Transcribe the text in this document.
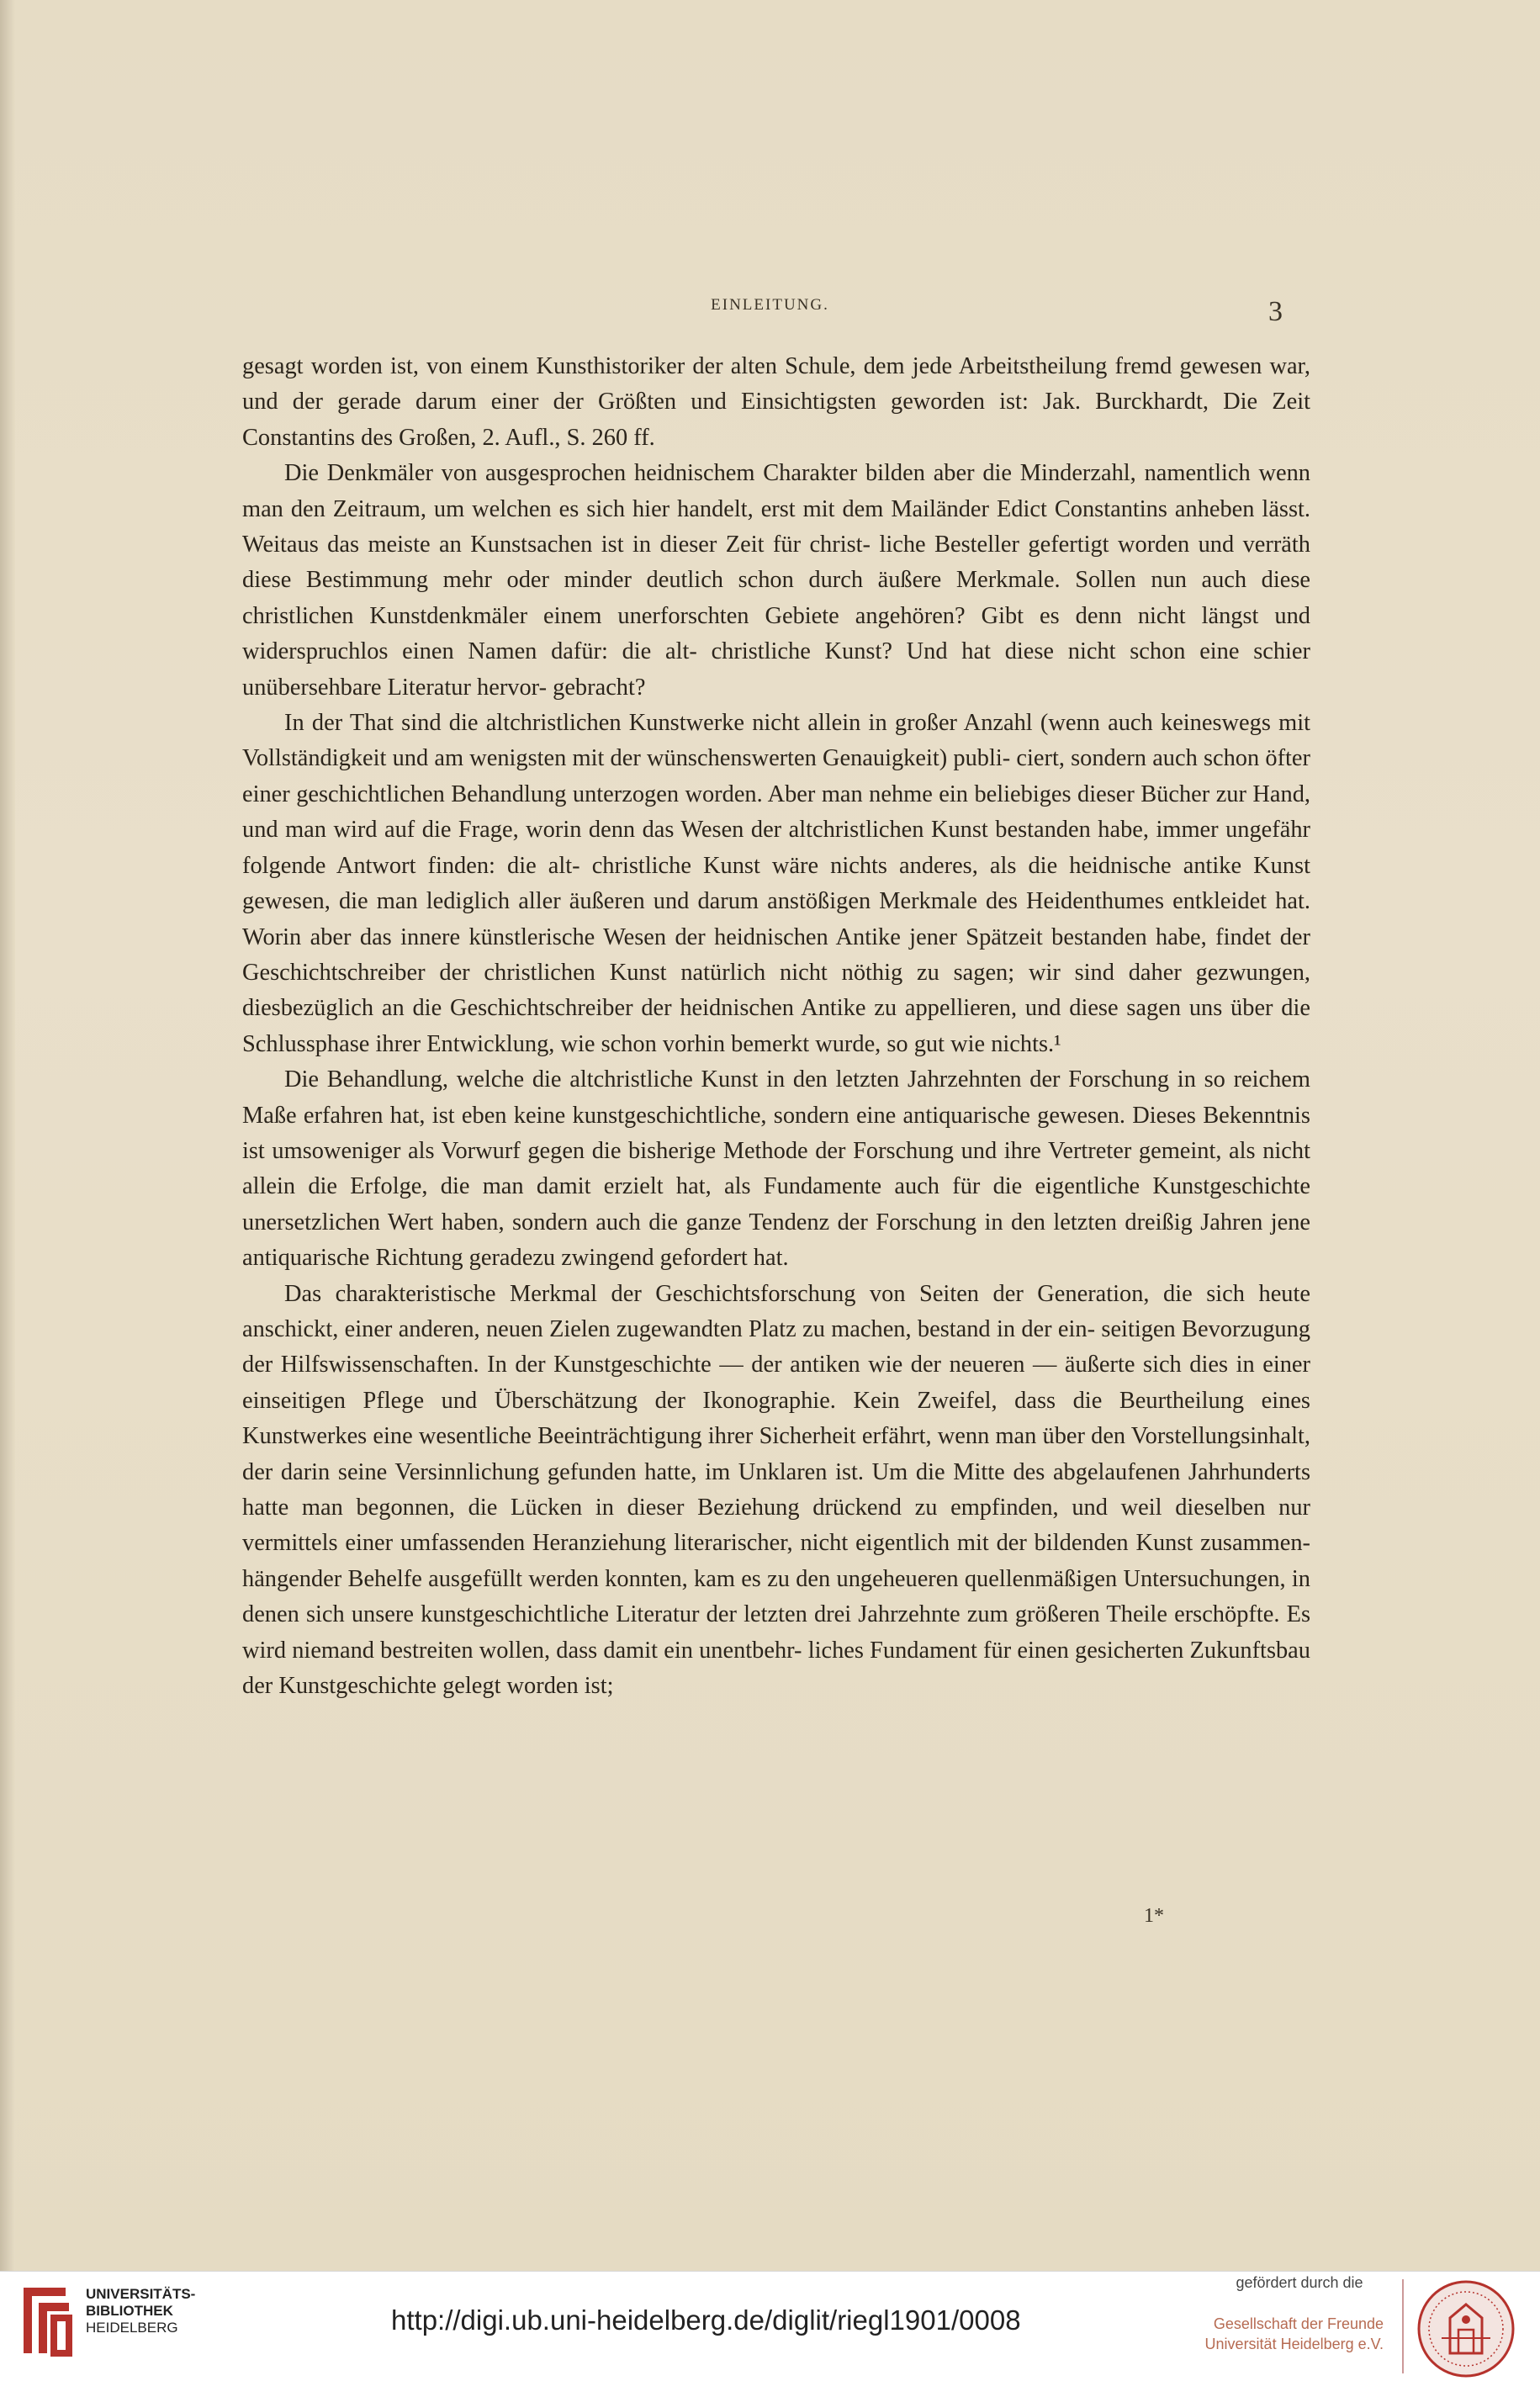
EINLEITUNG.	3

gesagt worden ist, von einem Kunsthistoriker der alten Schule, dem jede Arbeitstheilung fremd gewesen war, und der gerade darum einer der Größten und Einsichtigsten geworden ist: Jak. Burckhardt, Die Zeit Constantins des Großen, 2. Aufl., S. 260 ff.

Die Denkmäler von ausgesprochen heidnischem Charakter bilden aber die Minderzahl, namentlich wenn man den Zeitraum, um welchen es sich hier handelt, erst mit dem Mailänder Edict Constantins anheben lässt. Weitaus das meiste an Kunstsachen ist in dieser Zeit für christ- liche Besteller gefertigt worden und verräth diese Bestimmung mehr oder minder deutlich schon durch äußere Merkmale. Sollen nun auch diese christlichen Kunstdenkmäler einem unerforschten Gebiete angehören? Gibt es denn nicht längst und widerspruchlos einen Namen dafür: die alt- christliche Kunst? Und hat diese nicht schon eine schier unübersehbare Literatur hervor- gebracht?

In der That sind die altchristlichen Kunstwerke nicht allein in großer Anzahl (wenn auch keineswegs mit Vollständigkeit und am wenigsten mit der wünschenswerten Genauigkeit) publi- ciert, sondern auch schon öfter einer geschichtlichen Behandlung unterzogen worden. Aber man nehme ein beliebiges dieser Bücher zur Hand, und man wird auf die Frage, worin denn das Wesen der altchristlichen Kunst bestanden habe, immer ungefähr folgende Antwort finden: die alt- christliche Kunst wäre nichts anderes, als die heidnische antike Kunst gewesen, die man lediglich aller äußeren und darum anstößigen Merkmale des Heidenthumes entkleidet hat. Worin aber das innere künstlerische Wesen der heidnischen Antike jener Spätzeit bestanden habe, findet der Geschichtschreiber der christlichen Kunst natürlich nicht nöthig zu sagen; wir sind daher gezwungen, diesbezüglich an die Geschichtschreiber der heidnischen Antike zu appellieren, und diese sagen uns über die Schlussphase ihrer Entwicklung, wie schon vorhin bemerkt wurde, so gut wie nichts.¹

Die Behandlung, welche die altchristliche Kunst in den letzten Jahrzehnten der Forschung in so reichem Maße erfahren hat, ist eben keine kunstgeschichtliche, sondern eine antiquarische gewesen. Dieses Bekenntnis ist umsoweniger als Vorwurf gegen die bisherige Methode der Forschung und ihre Vertreter gemeint, als nicht allein die Erfolge, die man damit erzielt hat, als Fundamente auch für die eigentliche Kunstgeschichte unersetzlichen Wert haben, sondern auch die ganze Tendenz der Forschung in den letzten dreißig Jahren jene antiquarische Richtung geradezu zwingend gefordert hat.

Das charakteristische Merkmal der Geschichtsforschung von Seiten der Generation, die sich heute anschickt, einer anderen, neuen Zielen zugewandten Platz zu machen, bestand in der ein- seitigen Bevorzugung der Hilfswissenschaften. In der Kunstgeschichte — der antiken wie der neueren — äußerte sich dies in einer einseitigen Pflege und Überschätzung der Ikonographie. Kein Zweifel, dass die Beurtheilung eines Kunstwerkes eine wesentliche Beeinträchtigung ihrer Sicherheit erfährt, wenn man über den Vorstellungsinhalt, der darin seine Versinnlichung gefunden hatte, im Unklaren ist. Um die Mitte des abgelaufenen Jahrhunderts hatte man begonnen, die Lücken in dieser Beziehung drückend zu empfinden, und weil dieselben nur vermittels einer umfassenden Heranziehung literarischer, nicht eigentlich mit der bildenden Kunst zusammen- hängender Behelfe ausgefüllt werden konnten, kam es zu den ungeheueren quellenmäßigen Untersuchungen, in denen sich unsere kunstgeschichtliche Literatur der letzten drei Jahrzehnte zum größeren Theile erschöpfte. Es wird niemand bestreiten wollen, dass damit ein unentbehr- liches Fundament für einen gesicherten Zukunftsbau der Kunstgeschichte gelegt worden ist;

1*
UNIVERSITÄTS-
BIBLIOTHEK
HEIDELBERG	http://digi.ub.uni-heidelberg.de/diglit/riegl1901/0008
gefördert durch die
Gesellschaft der Freunde
Universität Heidelberg e.V.
